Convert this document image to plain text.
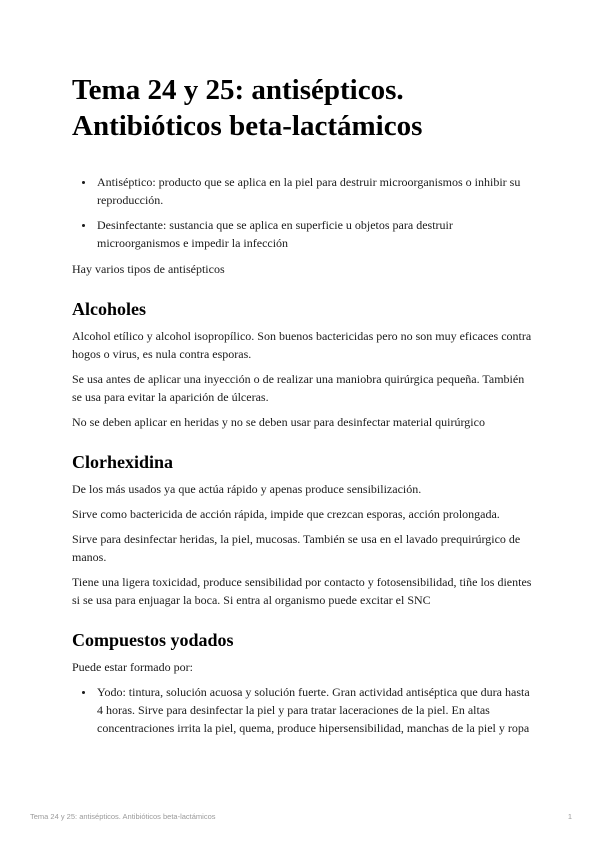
Tema 24 y 25: antisépticos. Antibióticos beta-lactámicos
• Antiséptico: producto que se aplica en la piel para destruir microorganismos o inhibir su reproducción.
• Desinfectante: sustancia que se aplica en superficie u objetos para destruir microorganismos e impedir la infección

Hay varios tipos de antisépticos

Alcoholes

Alcohol etílico y alcohol isopropílico. Son buenos bactericidas pero no son muy eficaces contra hogos o virus, es nula contra esporas.

Se usa antes de aplicar una inyección o de realizar una maniobra quirúrgica pequeña. También se usa para evitar la aparición de úlceras.

No se deben aplicar en heridas y no se deben usar para desinfectar material quirúrgico

Clorhexidina

De los más usados ya que actúa rápido y apenas produce sensibilización.

Sirve como bactericida de acción rápida, impide que crezcan esporas, acción prolongada.

Sirve para desinfectar heridas, la piel, mucosas. También se usa en el lavado prequirúrgico de manos.

Tiene una ligera toxicidad, produce sensibilidad por contacto y fotosensibilidad, tiñe los dientes si se usa para enjuagar la boca. Si entra al organismo puede excitar el SNC

Compuestos yodados

Puede estar formado por:

• Yodo: tintura, solución acuosa y solución fuerte. Gran actividad antiséptica que dura hasta 4 horas. Sirve para desinfectar la piel y para tratar laceraciones de la piel. En altas concentraciones irrita la piel, quema, produce hipersensibilidad, manchas de la piel y ropa
Tema 24 y 25: antisépticos. Antibióticos beta-lactámicos	1
